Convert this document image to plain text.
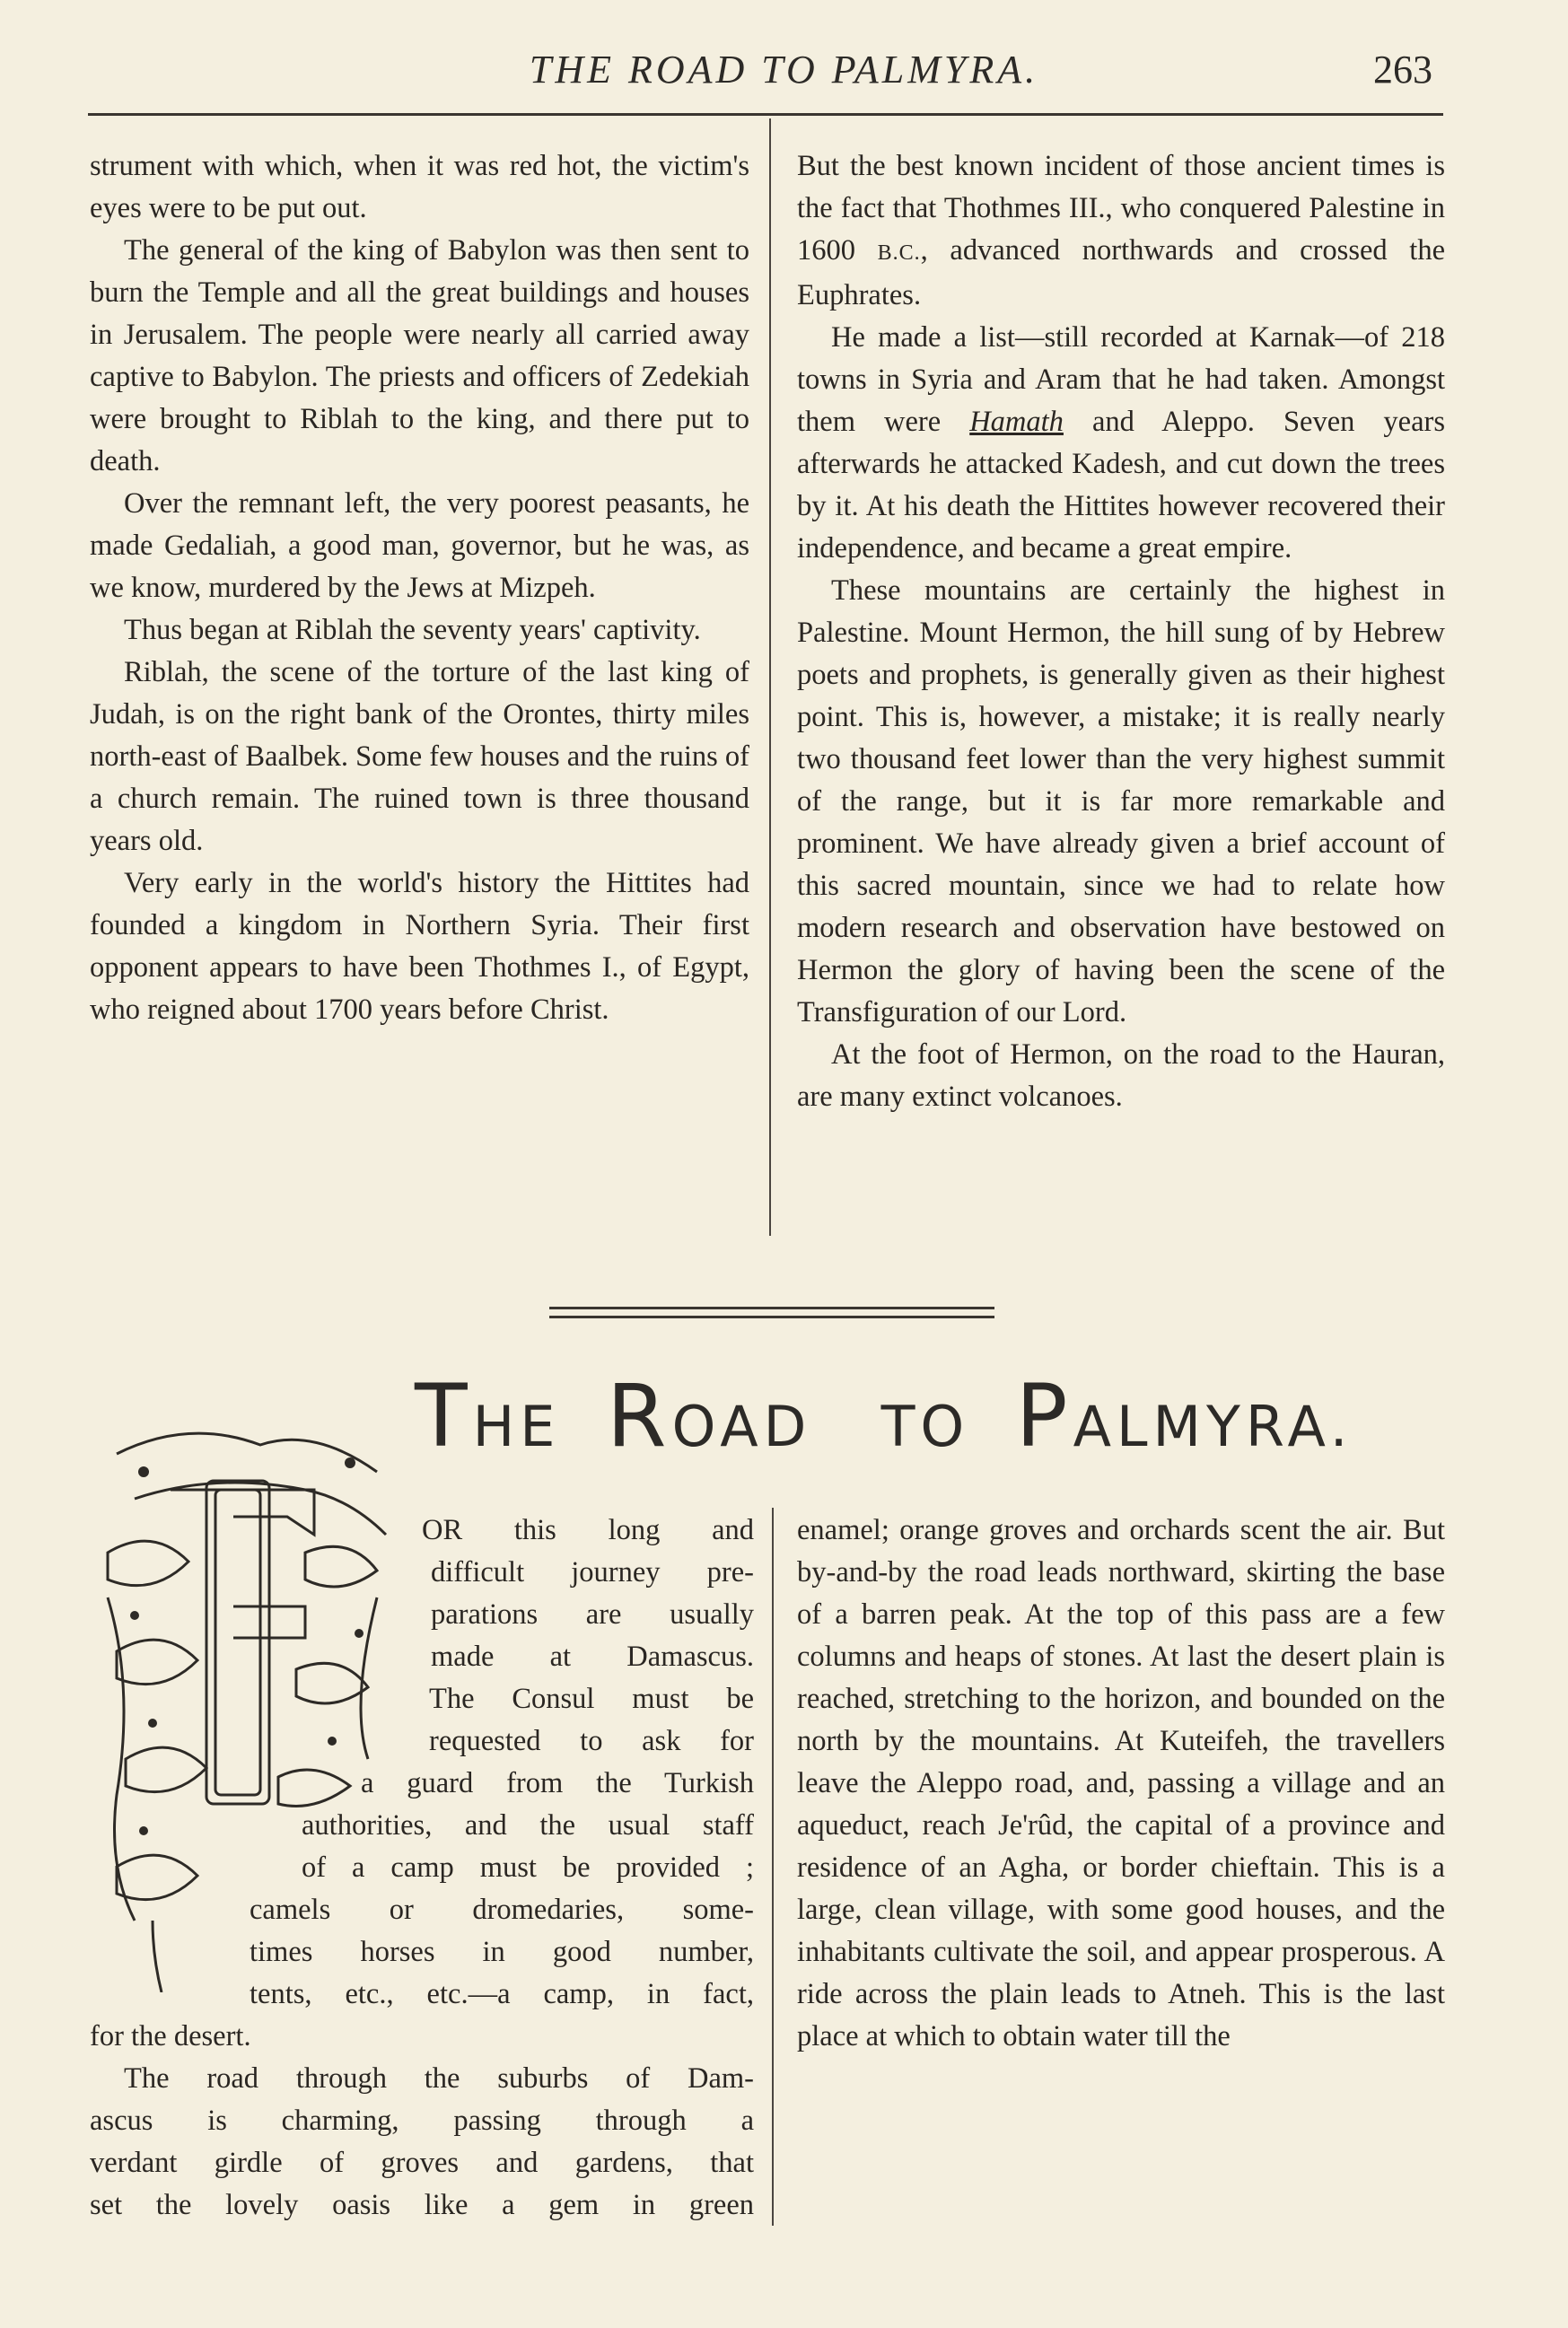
THE ROAD TO PALMYRA.	263

strument with which, when it was red hot, the victim's eyes were to be put out.

The general of the king of Babylon was then sent to burn the Temple and all the great buildings and houses in Jerusalem. The people were nearly all carried away captive to Babylon. The priests and officers of Zedekiah were brought to Riblah to the king, and there put to death.

Over the remnant left, the very poorest peasants, he made Gedaliah, a good man, governor, but he was, as we know, murdered by the Jews at Mizpeh.

Thus began at Riblah the seventy years' captivity.

Riblah, the scene of the torture of the last king of Judah, is on the right bank of the Orontes, thirty miles north-east of Baalbek. Some few houses and the ruins of a church remain. The ruined town is three thousand years old.

Very early in the world's history the Hittites had founded a kingdom in Northern Syria. Their first opponent appears to have been Thothmes I., of Egypt, who reigned about 1700 years before Christ.

But the best known incident of those ancient times is the fact that Thothmes III., who conquered Palestine in 1600 B.C., advanced northwards and crossed the Euphrates.

He made a list—still recorded at Karnak—of 218 towns in Syria and Aram that he had taken. Amongst them were Hamath and Aleppo. Seven years afterwards he attacked Kadesh, and cut down the trees by it. At his death the Hittites however recovered their independence, and became a great empire.

These mountains are certainly the highest in Palestine. Mount Hermon, the hill sung of by Hebrew poets and prophets, is generally given as their highest point. This is, however, a mistake; it is really nearly two thousand feet lower than the very highest summit of the range, but it is far more remarkable and prominent. We have already given a brief account of this sacred mountain, since we had to relate how modern research and observation have bestowed on Hermon the glory of having been the scene of the Transfiguration of our Lord.

At the foot of Hermon, on the road to the Hauran, are many extinct volcanoes.

THE ROAD TO PALMYRA.
OR this long and
difficult journey pre-
parations are usually
made at Damascus.
The Consul must be
requested to ask for
a guard from the Turkish
authorities, and the usual staff
of a camp must be provided ;
camels or dromedaries, some-
times horses in good number,
tents, etc., etc.—a camp, in fact,
for the desert.
The road through the suburbs of Dam-
ascus is charming, passing through a
verdant girdle of groves and gardens, that
set the lovely oasis like a gem in green

enamel; orange groves and orchards scent the air. But by-and-by the road leads northward, skirting the base of a barren peak. At the top of this pass are a few columns and heaps of stones. At last the desert plain is reached, stretching to the horizon, and bounded on the north by the mountains. At Kuteifeh, the travellers leave the Aleppo road, and, passing a village and an aqueduct, reach Je'rûd, the capital of a province and residence of an Agha, or border chieftain. This is a large, clean village, with some good houses, and the inhabitants cultivate the soil, and appear prosperous. A ride across the plain leads to Atneh. This is the last place at which to obtain water till the
